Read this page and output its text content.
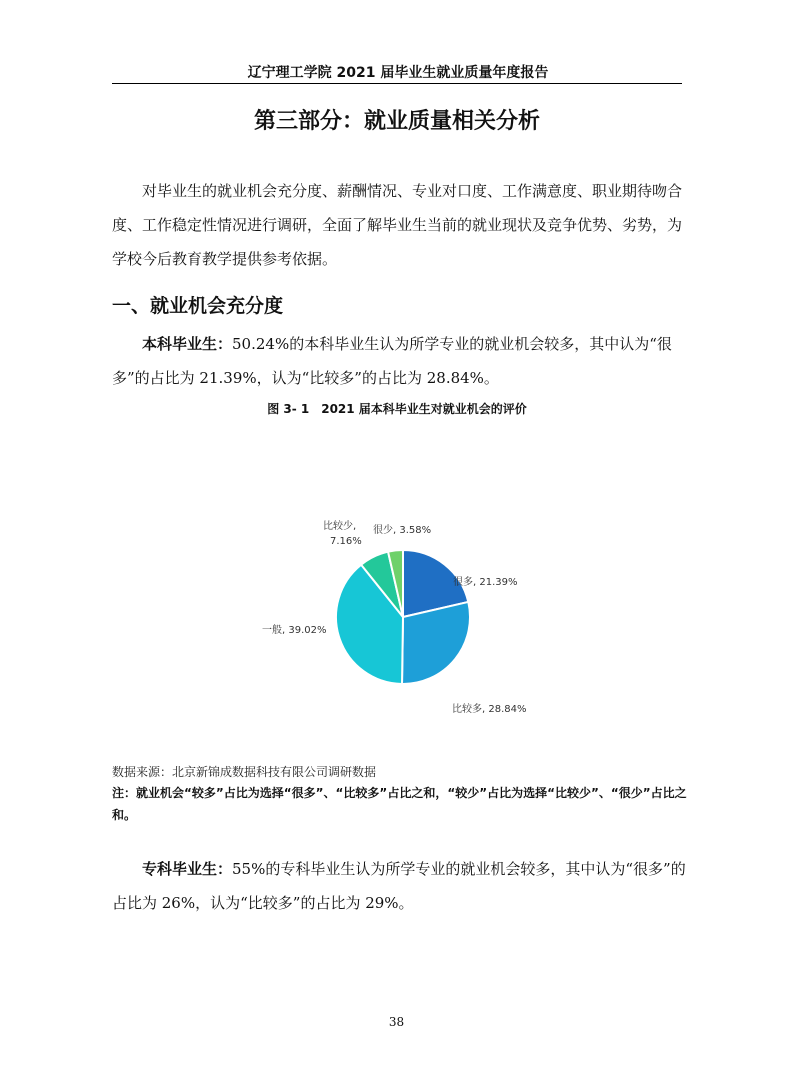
辽宁理工学院 2021 届毕业生就业质量年度报告
第三部分：就业质量相关分析
对毕业生的就业机会充分度、薪酬情况、专业对口度、工作满意度、职业期待吻合度、工作稳定性情况进行调研，全面了解毕业生当前的就业现状及竞争优势、劣势，为学校今后教育教学提供参考依据。
一、就业机会充分度
本科毕业生：50.24%的本科毕业生认为所学专业的就业机会较多，其中认为“很多”的占比为 21.39%，认为“比较多”的占比为 28.84%。
图 3- 1　2021 届本科毕业生对就业机会的评价
很多, 21.39%
比较多, 28.84%
一般, 39.02%
比较少,
7.16%
很少, 3.58%
数据来源：北京新锦成数据科技有限公司调研数据
注：就业机会“较多”占比为选择“很多”、“比较多”占比之和，“较少”占比为选择“比较少”、“很少”占比之和。
专科毕业生：55%的专科毕业生认为所学专业的就业机会较多，其中认为“很多”的占比为 26%，认为“比较多”的占比为 29%。
38
